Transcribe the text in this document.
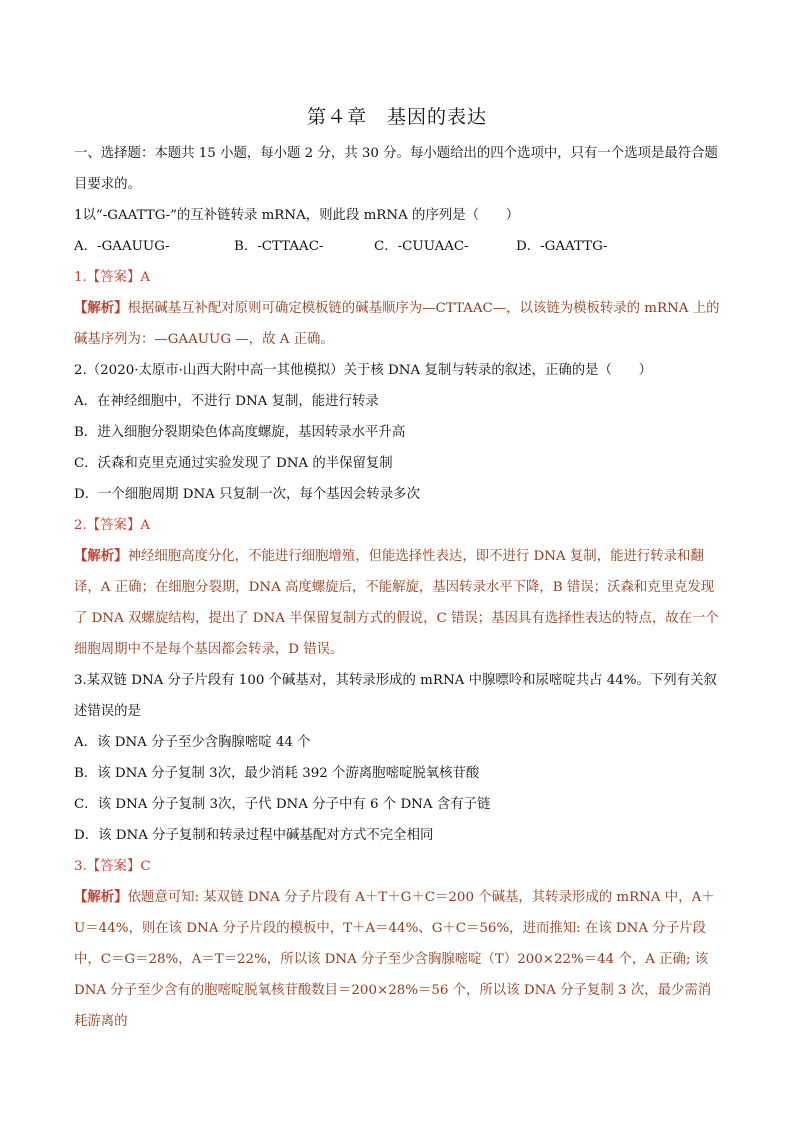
第４章　基因的表达

一、选择题：本题共 15 小题，每小题 2 分，共 30 分。每小题给出的四个选项中，只有一个选项是最符合题目要求的。

1以“-GAATTG-”的互补链转录 mRNA，则此段 mRNA 的序列是（　　）

A．-GAAUUG-	B．-CTTAAC-	C．-CUUAAC-	D．-GAATTG-

1.【答案】A

【解析】根据碱基互补配对原则可确定模板链的碱基顺序为—CTTAAC—，以该链为模板转录的 mRNA 上的碱基序列为：—GAAUUG —，故 A 正确。

2.（2020·太原市·山西大附中高一其他模拟）关于核 DNA 复制与转录的叙述，正确的是（　　）

A．在神经细胞中，不进行 DNA 复制，能进行转录

B．进入细胞分裂期染色体高度螺旋，基因转录水平升高

C．沃森和克里克通过实验发现了 DNA 的半保留复制

D．一个细胞周期 DNA 只复制一次，每个基因会转录多次

2.【答案】A

【解析】神经细胞高度分化，不能进行细胞增殖，但能选择性表达，即不进行 DNA 复制，能进行转录和翻译，A 正确；在细胞分裂期，DNA 高度螺旋后，不能解旋，基因转录水平下降，B 错误；沃森和克里克发现了 DNA 双螺旋结构，提出了 DNA 半保留复制方式的假说，C 错误；基因具有选择性表达的特点，故在一个细胞周期中不是每个基因都会转录，D 错误。

3.某双链 DNA 分子片段有 100 个碱基对，其转录形成的 mRNA 中腺嘌呤和尿嘧啶共占 44%。下列有关叙述错误的是

A．该 DNA 分子至少含胸腺嘧啶 44 个

B．该 DNA 分子复制 3次，最少消耗 392 个游离胞嘧啶脱氧核苷酸

C．该 DNA 分子复制 3次，子代 DNA 分子中有 6 个 DNA 含有子链

D．该 DNA 分子复制和转录过程中碱基配对方式不完全相同

3.【答案】C

【解析】依题意可知: 某双链 DNA 分子片段有 A＋T＋G＋C＝200 个碱基，其转录形成的 mRNA 中，A＋U＝44%，则在该 DNA 分子片段的模板中，T＋A＝44%、G＋C＝56%，进而推知: 在该 DNA 分子片段中，C＝G＝28%，A＝T＝22%，所以该 DNA 分子至少含胸腺嘧啶（T）200×22%＝44 个，A 正确; 该 DNA 分子至少含有的胞嘧啶脱氧核苷酸数目＝200×28%＝56 个，所以该 DNA 分子复制 3 次，最少需消耗游离的
